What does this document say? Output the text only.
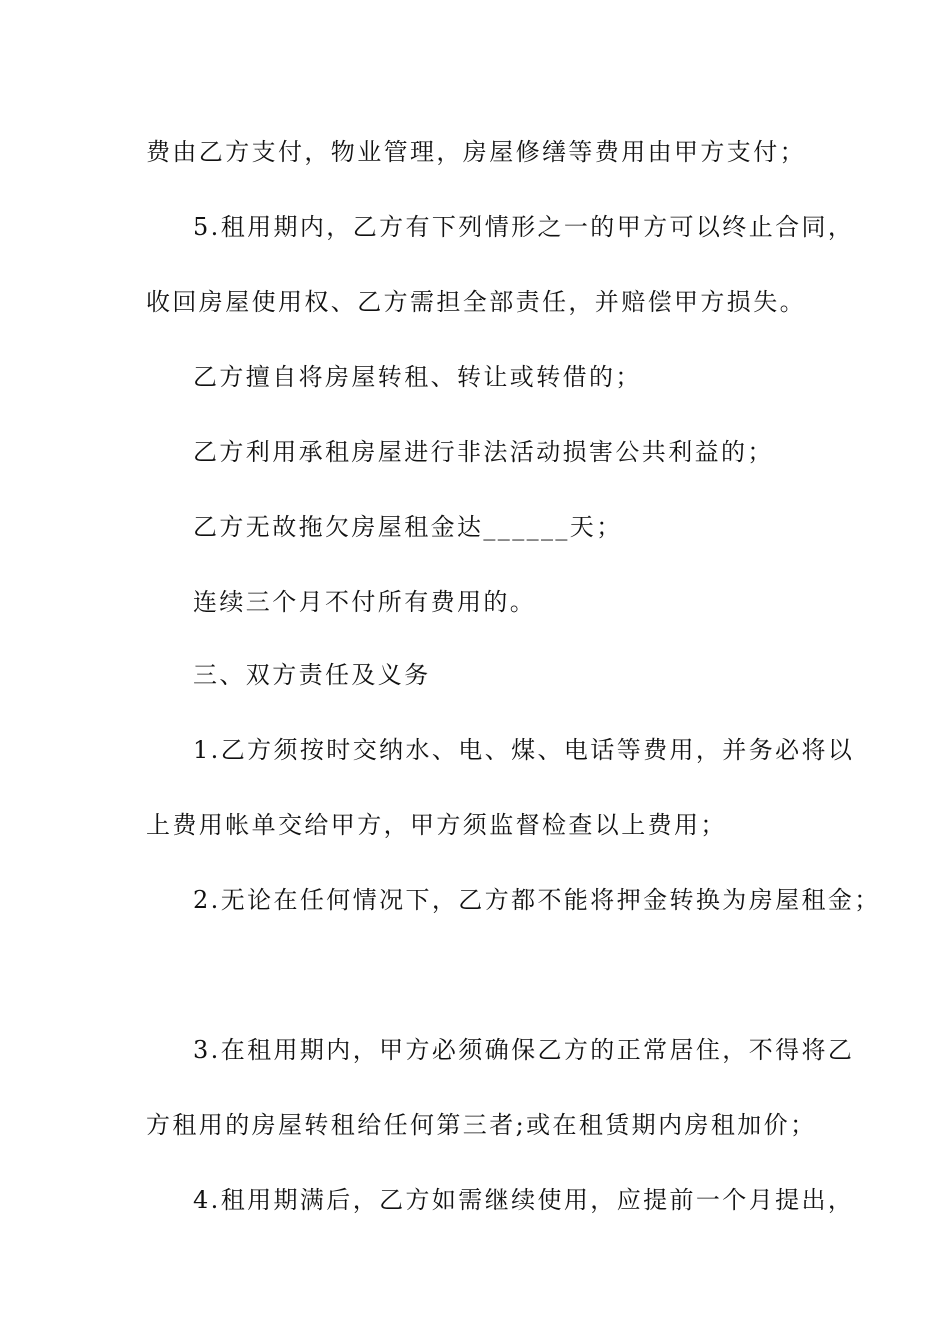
费由乙方支付，物业管理，房屋修缮等费用由甲方支付；
5.租用期内，乙方有下列情形之一的甲方可以终止合同，
收回房屋使用权、乙方需担全部责任，并赔偿甲方损失。
乙方擅自将房屋转租、转让或转借的；
乙方利用承租房屋进行非法活动损害公共利益的；
乙方无故拖欠房屋租金达______天；
连续三个月不付所有费用的。
三、双方责任及义务
1.乙方须按时交纳水、电、煤、电话等费用，并务必将以
上费用帐单交给甲方，甲方须监督检查以上费用；
2.无论在任何情况下，乙方都不能将押金转换为房屋租金；
3.在租用期内，甲方必须确保乙方的正常居住，不得将乙
方租用的房屋转租给任何第三者;或在租赁期内房租加价；
4.租用期满后，乙方如需继续使用，应提前一个月提出，
